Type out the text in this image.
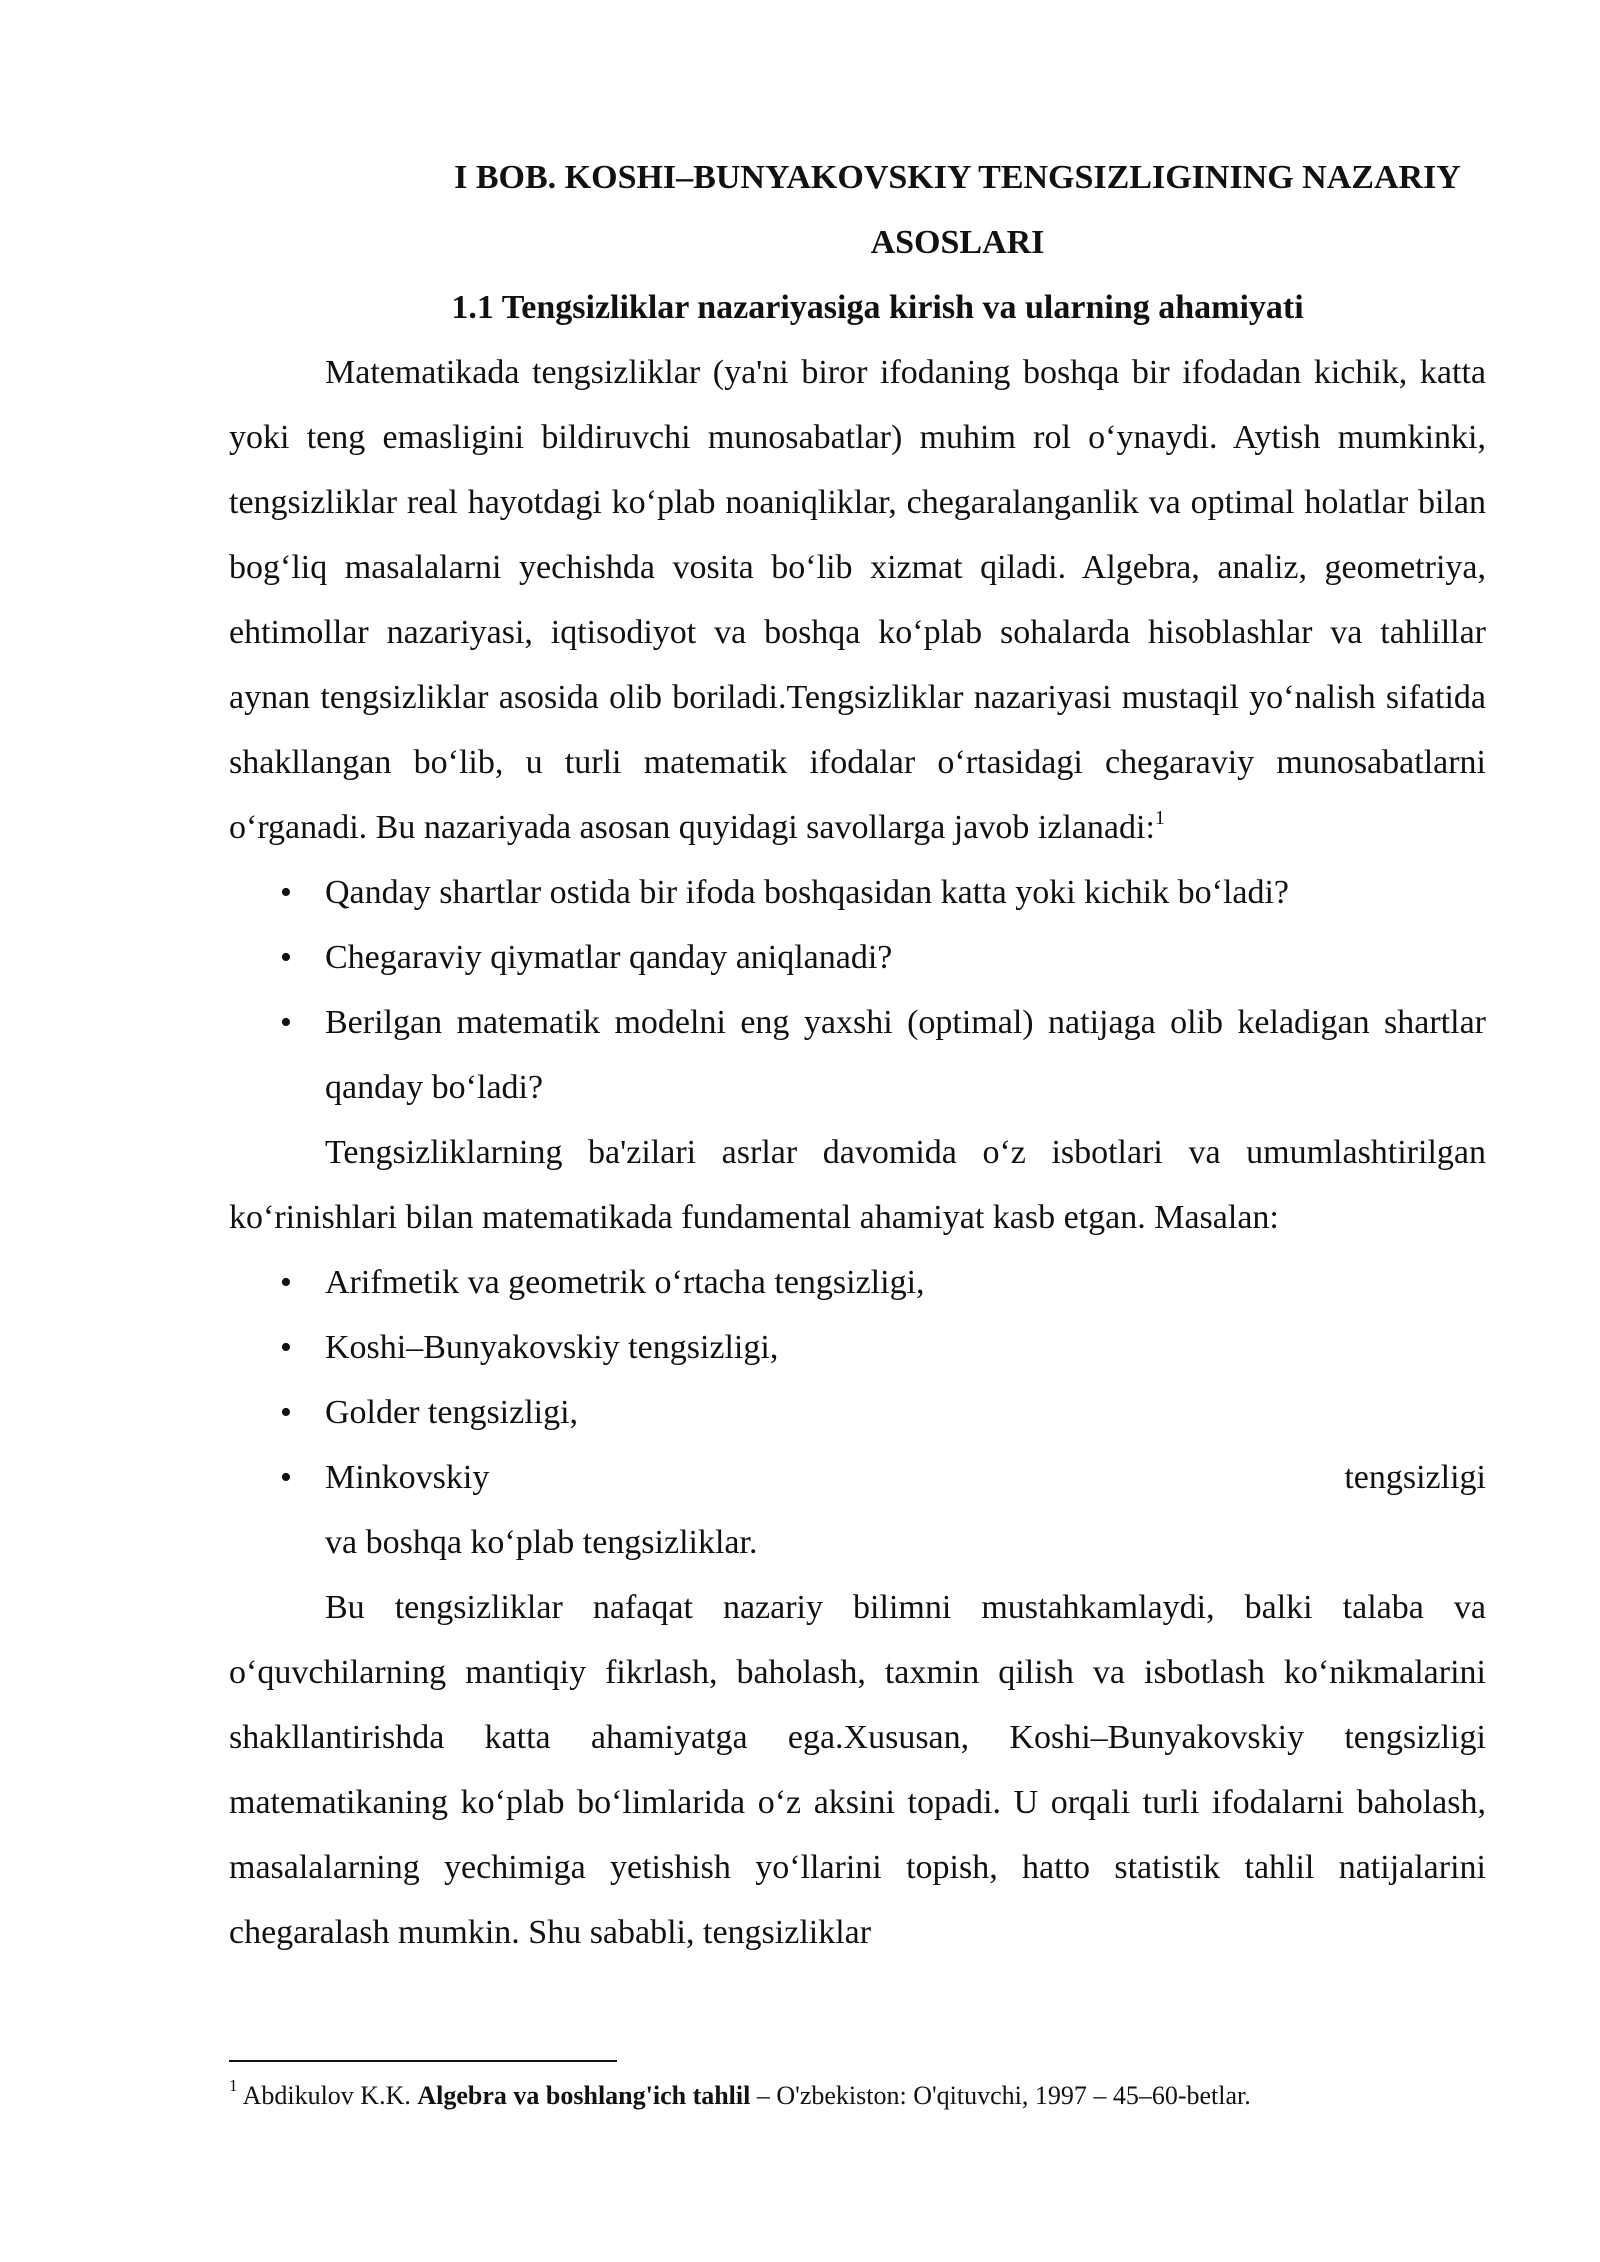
I BOB. KOSHI–BUNYAKOVSKIY TENGSIZLIGINING NAZARIY
ASOSLARI
1.1 Tengsizliklar nazariyasiga kirish va ularning ahamiyati

Matematikada tengsizliklar (ya'ni biror ifodaning boshqa bir ifodadan kichik, katta yoki teng emasligini bildiruvchi munosabatlar) muhim rol o‘ynaydi. Aytish mumkinki, tengsizliklar real hayotdagi ko‘plab noaniqliklar, chegaralanganlik va optimal holatlar bilan bog‘liq masalalarni yechishda vosita bo‘lib xizmat qiladi. Algebra, analiz, geometriya, ehtimollar nazariyasi, iqtisodiyot va boshqa ko‘plab sohalarda hisoblashlar va tahlillar aynan tengsizliklar asosida olib boriladi.Tengsizliklar nazariyasi mustaqil yo‘nalish sifatida shakllangan bo‘lib, u turli matematik ifodalar o‘rtasidagi chegaraviy munosabatlarni o‘rganadi. Bu nazariyada asosan quyidagi savollarga javob izlanadi:$^1$

• Qanday shartlar ostida bir ifoda boshqasidan katta yoki kichik bo‘ladi?
• Chegaraviy qiymatlar qanday aniqlanadi?
• Berilgan matematik modelni eng yaxshi (optimal) natijaga olib keladigan shartlar qanday bo‘ladi?

Tengsizliklarning ba'zilari asrlar davomida o‘z isbotlari va umumlashtirilgan ko‘rinishlari bilan matematikada fundamental ahamiyat kasb etgan. Masalan:

• Arifmetik va geometrik o‘rtacha tengsizligi,
• Koshi–Bunyakovskiy tengsizligi,
• Golder tengsizligi,
• Minkovskiy	tengsizligi
va boshqa ko‘plab tengsizliklar.

Bu tengsizliklar nafaqat nazariy bilimni mustahkamlaydi, balki talaba va o‘quvchilarning mantiqiy fikrlash, baholash, taxmin qilish va isbotlash ko‘nikmalarini shakllantirishda katta ahamiyatga ega.Xususan, Koshi–Bunyakovskiy tengsizligi matematikaning ko‘plab bo‘limlarida o‘z aksini topadi. U orqali turli ifodalarni baholash, masalalarning yechimiga yetishish yo‘llarini topish, hatto statistik tahlil natijalarini chegaralash mumkin. Shu sababli, tengsizliklar

$^1$ Abdikulov K.K. Algebra va boshlang'ich tahlil – O'zbekiston: O'qituvchi, 1997 – 45–60-betlar.
